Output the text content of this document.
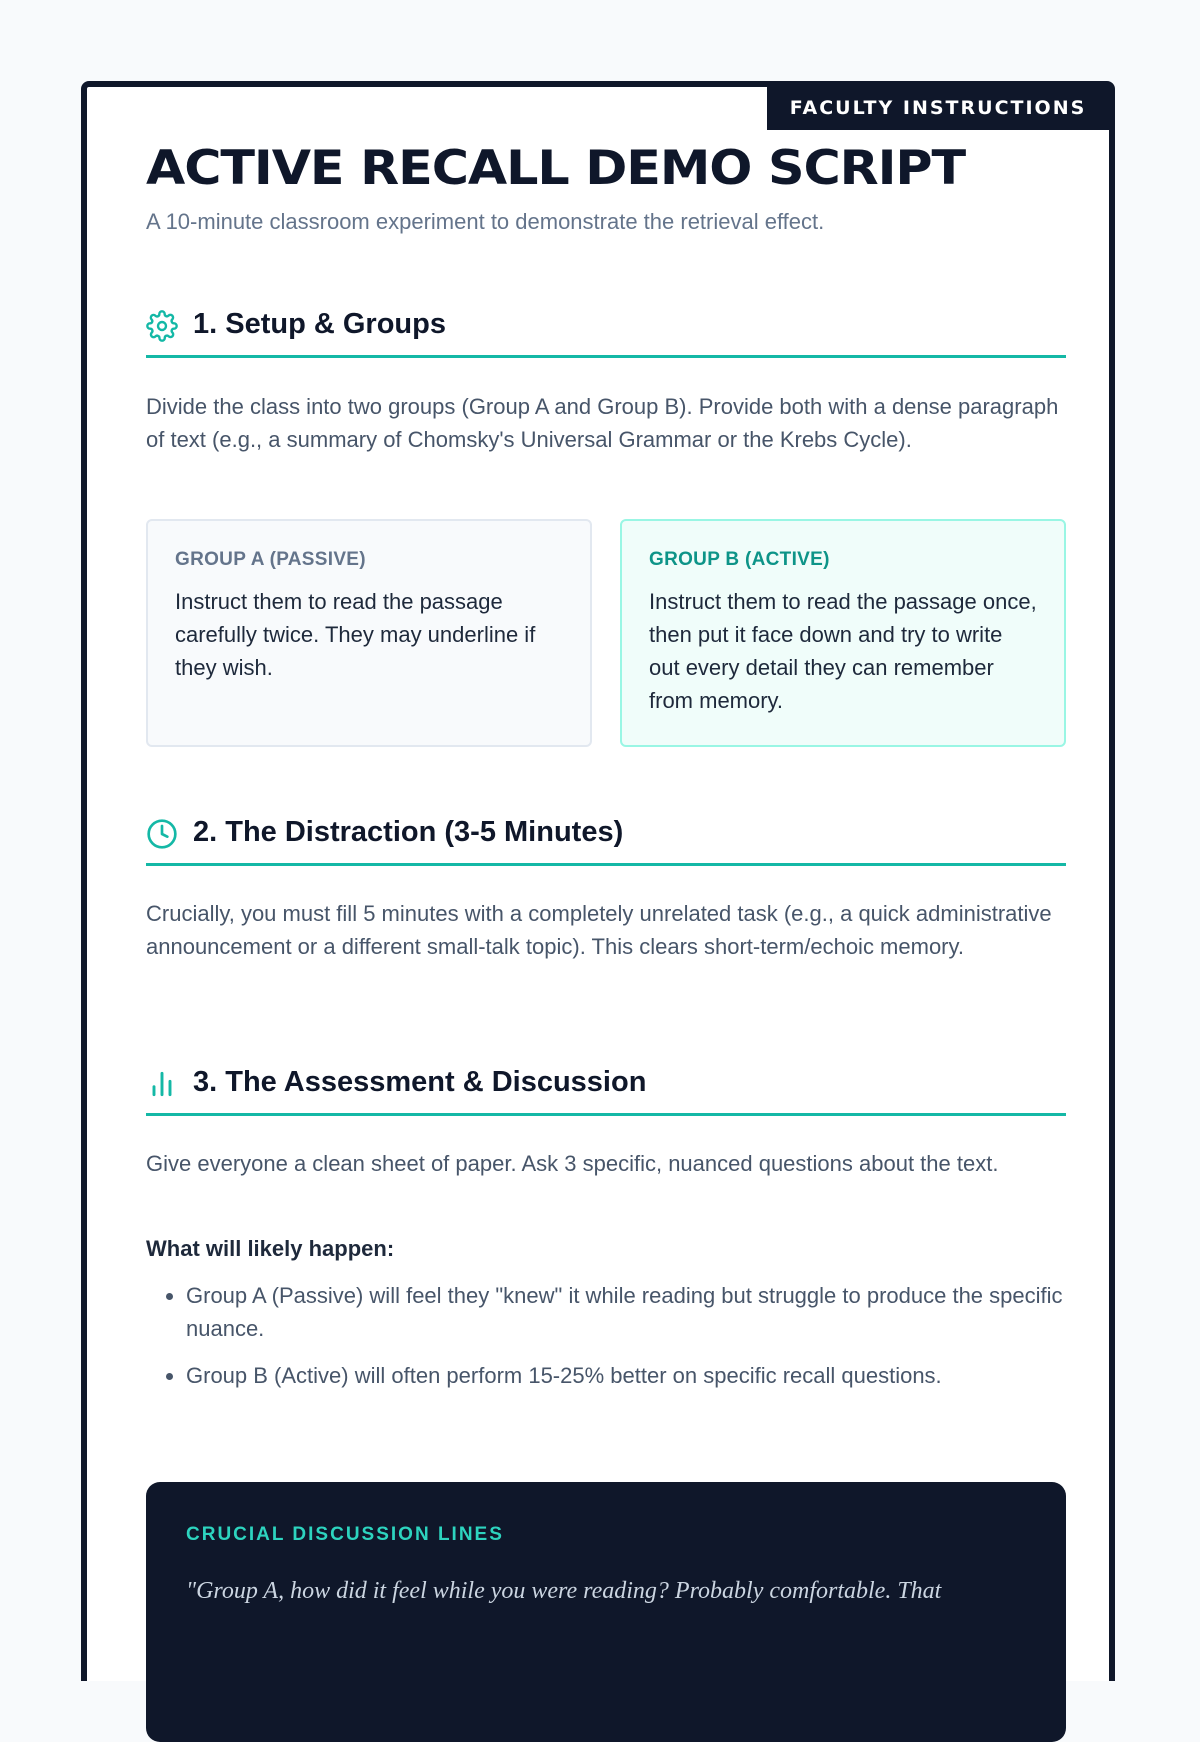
FACULTY INSTRUCTIONS
ACTIVE RECALL DEMO SCRIPT
A 10-minute classroom experiment to demonstrate the retrieval effect.
1. Setup & Groups
Divide the class into two groups (Group A and Group B). Provide both with a dense paragraph of text (e.g., a summary of Chomsky's Universal Grammar or the Krebs Cycle).
GROUP A (PASSIVE)
Instruct them to read the passage carefully twice. They may underline if they wish.
GROUP B (ACTIVE)
Instruct them to read the passage once, then put it face down and try to write out every detail they can remember from memory.
2. The Distraction (3-5 Minutes)
Crucially, you must fill 5 minutes with a completely unrelated task (e.g., a quick administrative announcement or a different small-talk topic). This clears short-term/echoic memory.
3. The Assessment & Discussion
Give everyone a clean sheet of paper. Ask 3 specific, nuanced questions about the text.
What will likely happen:
• Group A (Passive) will feel they "knew" it while reading but struggle to produce the specific nuance.
• Group B (Active) will often perform 15-25% better on specific recall questions.
CRUCIAL DISCUSSION LINES
"Group A, how did it feel while you were reading? Probably comfortable. That
